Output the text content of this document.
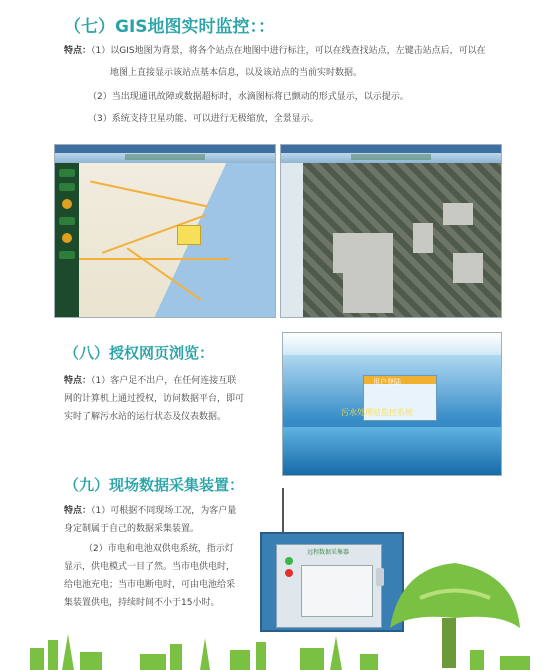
（七）GIS地图实时监控：：
特点：（1）以GIS地图为背景，将各个站点在地图中进行标注，可以在线查找站点，左键击站点后，可以在
地图上直接显示该站点基本信息，以及该站点的当前实时数据。
（2）当出现通讯故障或数据超标时，水滴图标将已颤动的形式显示，以示提示。
（3）系统支持卫星功能、可以进行无极缩放，全景显示。
（八）授权网页浏览：
特点：（1）客户足不出户，在任何连接互联
网的计算机上通过授权，访问数据平台，即可
实时了解污水站的运行状态及仪表数据。
用户登陆
污水处理站监控系统
（九）现场数据采集装置：
特点：（1）可根据不同现场工况，为客户量
身定制属于自己的数据采集装置。
（2）市电和电池双供电系统，指示灯
显示，供电模式一目了然。当市电供电时，
给电池充电；当市电断电时，可由电池给采
集装置供电，持续时间不小于15小时。
远程数据采集器
